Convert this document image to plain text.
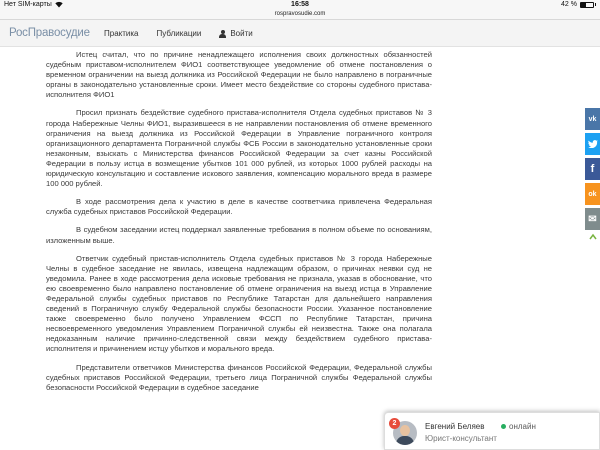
Нет SIM-карты	16:58	42 %
rospravosudie.com
РосПравосудие Практика Публикации	Войти

Истец считал, что по причине ненадлежащего исполнения своих должностных обязанностей судебным приставом-исполнителем ФИО1 соответствующее уведомление об отмене постановления о временном ограничении на выезд должника из Российской Федерации не было направлено в пограничные органы в законодательно установленные сроки. Имеет место бездействие со стороны судебного пристава-исполнителя ФИО1

Просил признать бездействие судебного пристава-исполнителя Отдела судебных приставов № 3 города Набережные Челны ФИО1, выразившееся в не направлении постановления об отмене временного ограничения на выезд должника из Российской Федерации в Управление пограничного контроля организационного департамента Пограничной службы ФСБ России в законодательно установленные сроки незаконным, взыскать с Министерства финансов Российской Федерации за счет казны Российской Федерации в пользу истца в возмещение убытков 101 000 рублей, из которых 1000 рублей расходы на юридическую консультацию и составление искового заявления, компенсацию морального вреда в размере 100 000 рублей.

В ходе рассмотрения дела к участию в деле в качестве соответчика привлечена Федеральная служба судебных приставов Российской Федерации.

В судебном заседании истец поддержал заявленные требования в полном объеме по основаниям, изложенным выше.

Ответчик судебный пристав-исполнитель Отдела судебных приставов № 3 города Набережные Челны в судебное заседание не явилась, извещена надлежащим образом, о причинах неявки суд не уведомила. Ранее в ходе рассмотрения дела исковые требования не признала, указав в обоснование, что ею своевременно было направлено постановление об отмене ограничения на выезд истца в Управление Федеральной службы судебных приставов по Республике Татарстан для дальнейшего направления сведений в Пограничную службу Федеральной службы безопасности России. Указанное постановление также своевременно было получено Управлением ФССП по Республике Татарстан, причина несвоевременного уведомления Управлением Пограничной службы ей неизвестна. Также она полагала недоказанным наличие причинно-следственной связи между бездействием судебного пристава-исполнителя и причинением истцу убытков и морального вреда.

Представители ответчиков Министерства финансов Российской Федерации, Федеральной службы судебных приставов Российской Федерации, третьего лица Пограничной службы Федеральной службы безопасности Российской Федерации в судебное заседание

vk
f
ok
✉
2	Евгений Беляев	онлайн
Юрист-консультант
